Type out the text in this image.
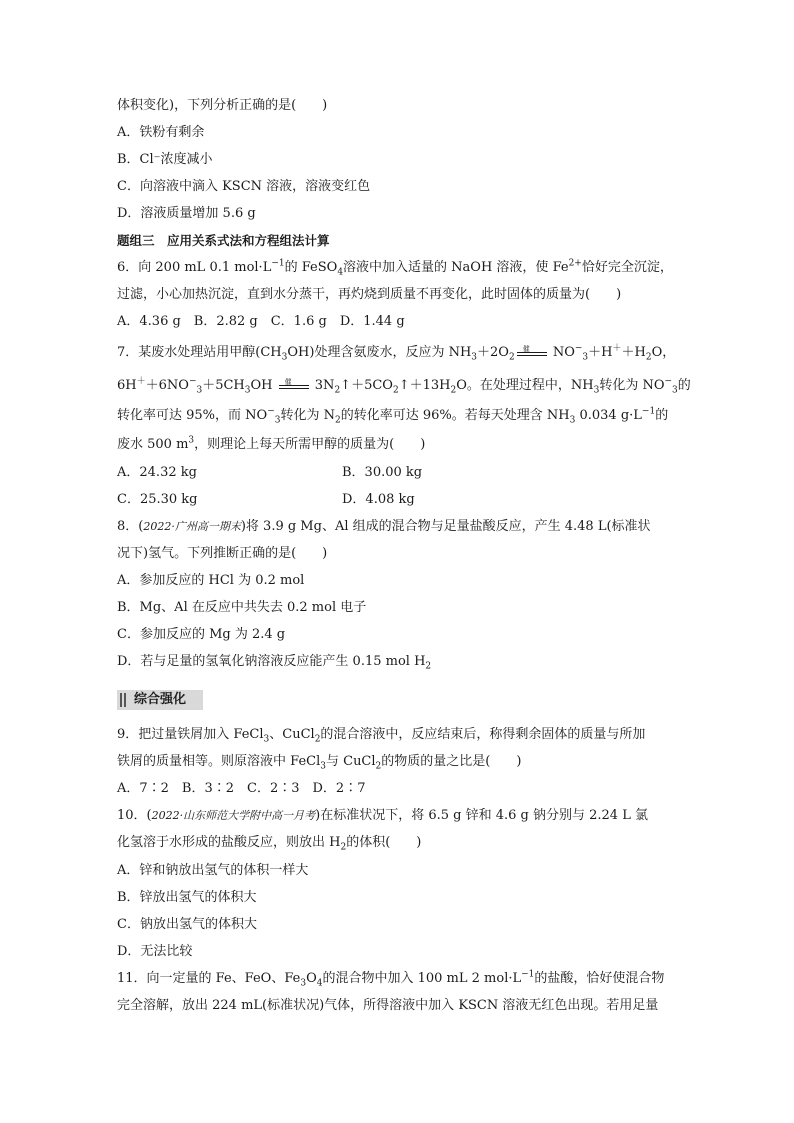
体积变化)，下列分析正确的是(　　)
A．铁粉有剩余
B．Cl⁻浓度减小
C．向溶液中滴入 KSCN 溶液，溶液变红色
D．溶液质量增加 5.6 g
题组三　应用关系式法和方程组法计算
6．向 200 mL 0.1 $mol\cdot L^{-1}$的 FeSO$_4$溶液中加入适量的 NaOH 溶液，使 $Fe^{2+}$恰好完全沉淀，
过滤，小心加热沉淀，直到水分蒸干，再灼烧到质量不再变化，此时固体的质量为(　　)
A．4.36 g　B．2.82 g　C．1.6 g　D．1.44 g
7．某废水处理站用甲醇$(CH_3OH)$处理含氨废水，反应为 $NH_3+2O_2$
催 $NO^-_3+H^++H_2O$，
$6H^++6NO^-_3+5CH_3OH$ 催 $3N_2↑+5CO_2↑+13H_2O$。在处理过程中，$NH_3$转化为 $NO^-_3$的
转化率可达 95%，而 $NO^-_3$转化为 $N_2$的转化率可达 96%。若每天处理含 $NH_3$ 0.034 $g\cdot L^{-1}$的
废水 500 $m^3$，则理论上每天所需甲醇的质量为(　　)
A．24.32 kg	B．30.00 kg
C．25.30 kg	D．4.08 kg
8．(2022·广州高一期末)将 3.9 g Mg、Al 组成的混合物与足量盐酸反应，产生 4.48 L(标准状
况下)氢气。下列推断正确的是(　　)
A．参加反应的 HCl 为 0.2 mol
B．Mg、Al 在反应中共失去 0.2 mol 电子
C．参加反应的 Mg 为 2.4 g
D．若与足量的氢氧化钠溶液反应能产生 0.15 mol $H_2$
综合强化
9．把过量铁屑加入 FeCl$_3$、CuCl$_2$的混合溶液中，反应结束后，称得剩余固体的质量与所加
铁屑的质量相等。则原溶液中 FeCl$_3$与 CuCl$_2$的物质的量之比是(　　)
A．7∶2　B．3∶2　C．2∶3　D．2∶7
10．(2022·山东师范大学附中高一月考)在标准状况下，将 6.5 g 锌和 4.6 g 钠分别与 2.24 L 氯
化氢溶于水形成的盐酸反应，则放出 $H_2$的体积(　　)
A．锌和钠放出氢气的体积一样大
B．锌放出氢气的体积大
C．钠放出氢气的体积大
D．无法比较
11．向一定量的 Fe、FeO、$Fe_3O_4$的混合物中加入 100 mL 2 $mol\cdot L^{-1}$的盐酸，恰好使混合物
完全溶解，放出 224 mL(标准状况)气体，所得溶液中加入 KSCN 溶液无红色出现。若用足量
